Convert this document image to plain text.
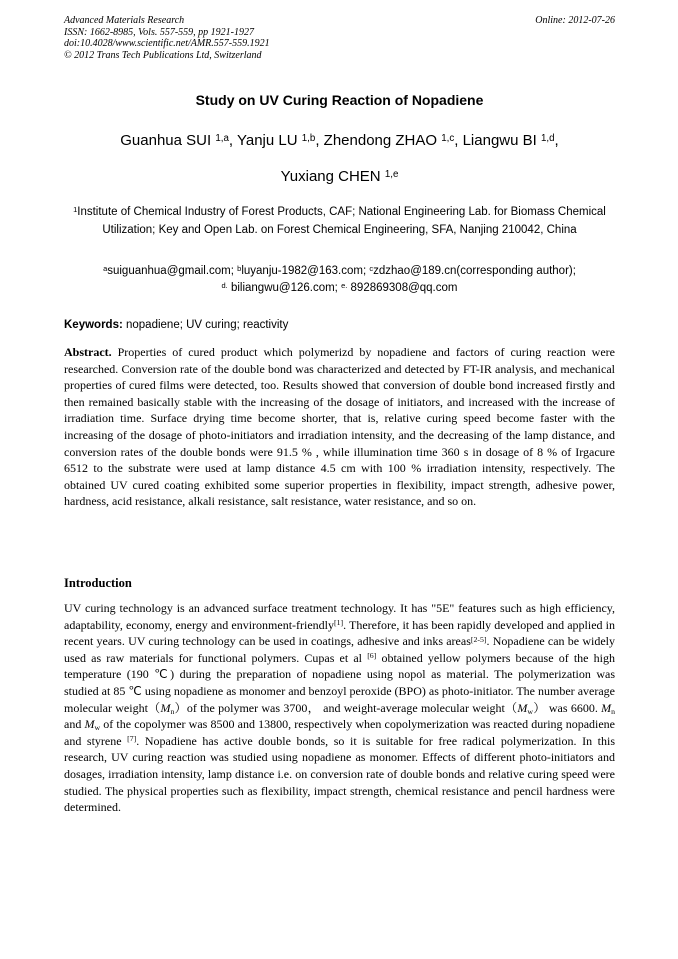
Advanced Materials Research
ISSN: 1662-8985, Vols. 557-559, pp 1921-1927
doi:10.4028/www.scientific.net/AMR.557-559.1921
© 2012 Trans Tech Publications Ltd, Switzerland
Online: 2012-07-26
Study on UV Curing Reaction of Nopadiene
Guanhua SUI $^{1,a}$, Yanju LU $^{1,b}$, Zhendong ZHAO $^{1,c}$, Liangwu BI $^{1,d}$,
Yuxiang CHEN $^{1,e}$
$^1$Institute of Chemical Industry of Forest Products, CAF; National Engineering Lab. for Biomass Chemical Utilization; Key and Open Lab. on Forest Chemical Engineering, SFA, Nanjing 210042, China
$^a$suiguanhua@gmail.com; $^b$luyanju-1982@163.com; $^c$zdzhao@189.cn(corresponding author);
$^{d.}$ biliangwu@126.com; $^{e.}$ 892869308@qq.com
Keywords: nopadiene; UV curing; reactivity
Abstract. Properties of cured product which polymerizd by nopadiene and factors of curing reaction were researched. Conversion rate of the double bond was characterized and detected by FT-IR analysis, and mechanical properties of cured films were detected, too. Results showed that conversion of double bond increased firstly and then remained basically stable with the increasing of the dosage of initiators, and increased with the increase of irradiation time. Surface drying time become shorter, that is, relative curing speed become faster with the increasing of the dosage of photo-initiators and irradiation intensity, and the decreasing of the lamp distance, and conversion rates of the double bonds were 91.5 % , while illumination time 360 s in dosage of 8 % of Irgacure 6512 to the substrate were used at lamp distance 4.5 cm with 100 % irradiation intensity, respectively. The obtained UV cured coating exhibited some superior properties in flexibility, impact strength, adhesive power, hardness, acid resistance, alkali resistance, salt resistance, water resistance, and so on.
Introduction
UV curing technology is an advanced surface treatment technology. It has "5E" features such as high efficiency, adaptability, economy, energy and environment-friendly[1]. Therefore, it has been rapidly developed and applied in recent years. UV curing technology can be used in coatings, adhesive and inks areas[2-5]. Nopadiene can be widely used as raw materials for functional polymers. Cupas et al [6] obtained yellow polymers because of the high temperature (190 ℃) during the preparation of nopadiene using nopol as material. The polymerization was studied at 85 ℃ using nopadiene as monomer and benzoyl peroxide (BPO) as photo-initiator. The number average molecular $weight(M_n)of$ the polymer was 3700， and weight-average molecular $weight(M_w)$ was 6600. $M_n$ and $M_w$ of the copolymer was 8500 and 13800, respectively when copolymerization was reacted during nopadiene and styrene [7]. Nopadiene has active double bonds, so it is suitable for free radical polymerization. In this research, UV curing reaction was studied using nopadiene as monomer. Effects of different photo-initiators and dosages, irradiation intensity, lamp distance i.e. on conversion rate of double bonds and relative curing speed were studied. The physical properties such as flexibility, impact strength, chemical resistance and pencil hardness were determined.
